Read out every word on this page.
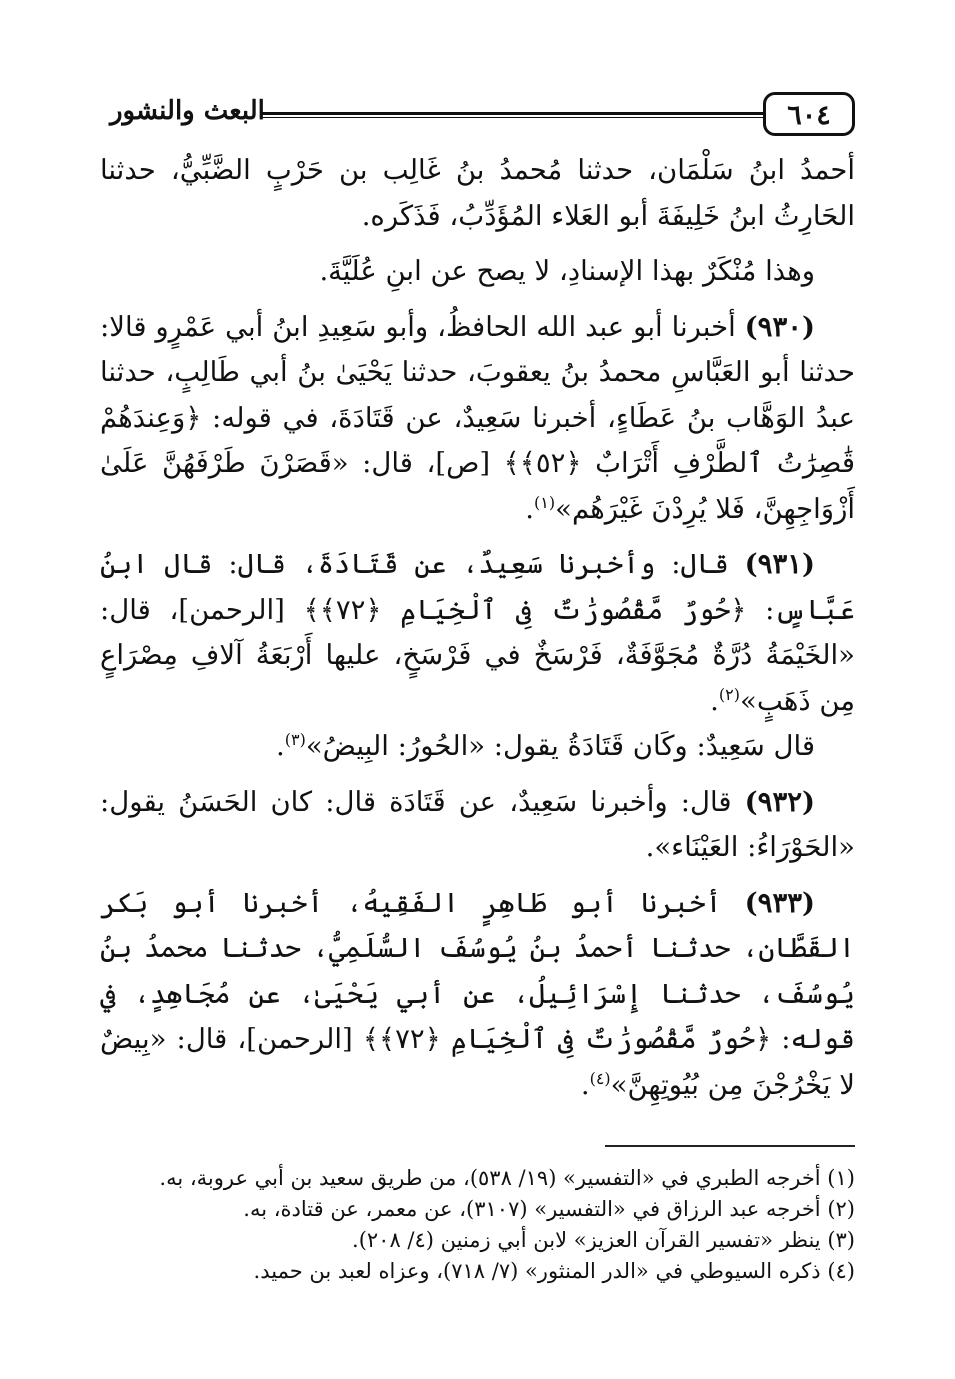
٦٠٤
البعث والنشور

أحمدُ ابنُ سَلْمَان، حدثنا مُحمدُ بنُ غَالِب بن حَرْبٍ الضَّبِّيُّ، حدثنا الحَارِثُ ابنُ خَلِيفَةَ أبو العَلاء المُؤَدِّبُ، فَذَكَره.

وهذا مُنْكَرٌ بهذا الإسنادِ، لا يصح عن ابنِ عُلَيَّةَ.

(٩٣٠) أخبرنا أبو عبد الله الحافظُ، وأبو سَعِيدِ ابنُ أبي عَمْرٍو قالا: حدثنا أبو العَبَّاسِ محمدُ بنُ يعقوبَ، حدثنا يَحْيَىٰ بنُ أبي طَالِبٍ، حدثنا عبدُ الوَهَّاب بنُ عَطَاءٍ، أخبرنا سَعِيدٌ، عن قَتَادَةَ، في قوله: ﴿وَعِندَهُمْ قَٰصِرَٰتُ ٱلطَّرْفِ أَتْرَابٌ ﴿٥٢﴾﴾ [ص]، قال: «قَصَرْنَ طَرْفَهُنَّ عَلَىٰ أَزْوَاجِهِنَّ، فَلا يُرِدْنَ غَيْرَهُم»$^{(١)}$.

(٩٣١) قال: وأخبرنا سَعِيدٌ، عن قَتَادَةَ، قال: قال ابنُ عَبَّاسٍ: ﴿حُورٌ مَّقْصُورَٰتٌ فِى ٱلْخِيَامِ ﴿٧٢﴾﴾ [الرحمن]، قال: «الخَيْمَةُ دُرَّةٌ مُجَوَّفَةٌ، فَرْسَخٌ في فَرْسَخٍ، عليها أَرْبَعَةُ آلافِ مِصْرَاعٍ مِن ذَهَبٍ»$^{(٢)}$.

قال سَعِيدٌ: وكَان قَتَادَةُ يقول: «الحُورُ: البِيضُ»$^{(٣)}$.

(٩٣٢) قال: وأخبرنا سَعِيدٌ، عن قَتَادَة قال: كان الحَسَنُ يقول: «الحَوْرَاءُ: العَيْنَاء».

(٩٣٣) أخبرنا أبو طَاهِرٍ الفَقِيهُ، أخبرنا أبو بَكر القَطَّان، حدثنا أحمدُ بنُ يُوسُفَ السُّلَمِيُّ، حدثنا محمدُ بنُ يُوسُفَ، حدثنا إِسْرَائِيلُ، عن أبي يَحْيَىٰ، عن مُجَاهِدٍ، في قوله: ﴿حُورٌ مَّقْصُورَٰتٌ فِى ٱلْخِيَامِ ﴿٧٢﴾﴾ [الرحمن]، قال: «بِيضٌ لا يَخْرُجْنَ مِن بُيُوتِهِنَّ»$^{(٤)}$.

(١) أخرجه الطبري في «التفسير» (١٩/ ٥٣٨)، من طريق سعيد بن أبي عروبة، به.

(٢) أخرجه عبد الرزاق في «التفسير» (٣١٠٧)، عن معمر، عن قتادة، به.

(٣) ينظر «تفسير القرآن العزيز» لابن أبي زمنين (٤/ ٢٠٨).

(٤) ذكره السيوطي في «الدر المنثور» (٧/ ٧١٨)، وعزاه لعبد بن حميد.
